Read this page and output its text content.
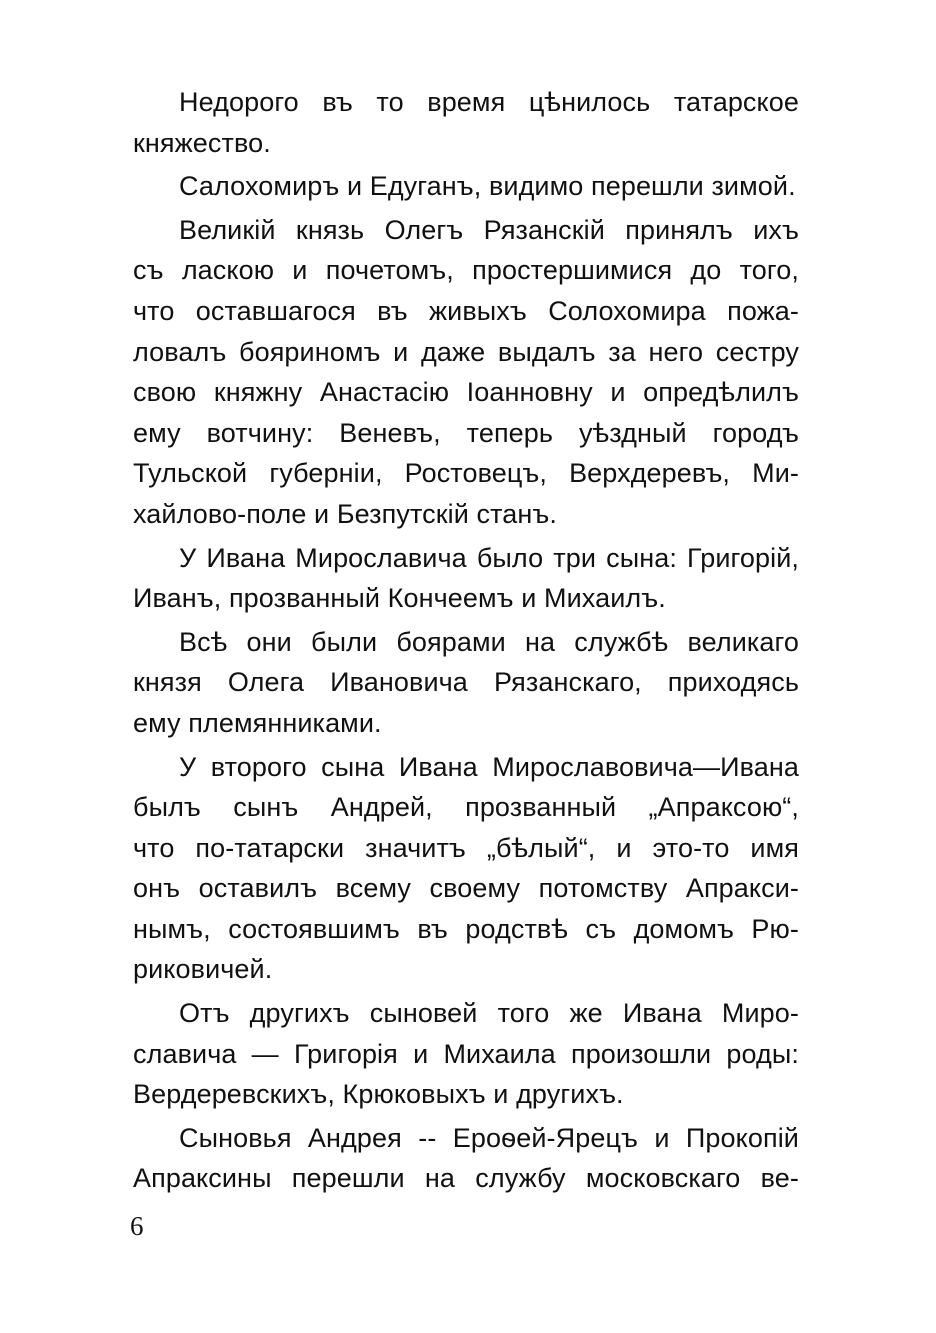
Недорого въ то время цѣнилось татарское
княжество.
Салохомиръ и Едуганъ, видимо перешли зимой.
Великій князь Олегъ Рязанскій принялъ ихъ
съ ласкою и почетомъ, простершимися до того,
что оставшагося въ живыхъ Солохомира пожа-
ловалъ бояриномъ и даже выдалъ за него сестру
свою княжну Анастасію Іоанновну и опредѣлилъ
ему вотчину: Веневъ, теперь уѣздный городъ
Тульской губерніи, Ростовецъ, Верхдеревъ, Ми-
хайлово-поле и Безпутскій станъ.
У Ивана Мирославича было три сына: Григорій,
Иванъ, прозванный Кончеемъ и Михаилъ.
Всѣ они были боярами на службѣ великаго
князя Олега Ивановича Рязанскаго, приходясь
ему племянниками.
У второго сына Ивана Мирославовича—Ивана
былъ сынъ Андрей, прозванный „Апраксою“,
что по-татарски значитъ „бѣлый“, и это-то имя
онъ оставилъ всему своему потомству Апракси-
нымъ, состоявшимъ въ родствѣ съ домомъ Рю-
риковичей.
Отъ другихъ сыновей того же Ивана Миро-
славича — Григорія и Михаила произошли роды:
Вердеревскихъ, Крюковыхъ и другихъ.
Сыновья Андрея -- Ероѳей-Ярецъ и Прокопій
Апраксины перешли на службу московскаго ве-
6
